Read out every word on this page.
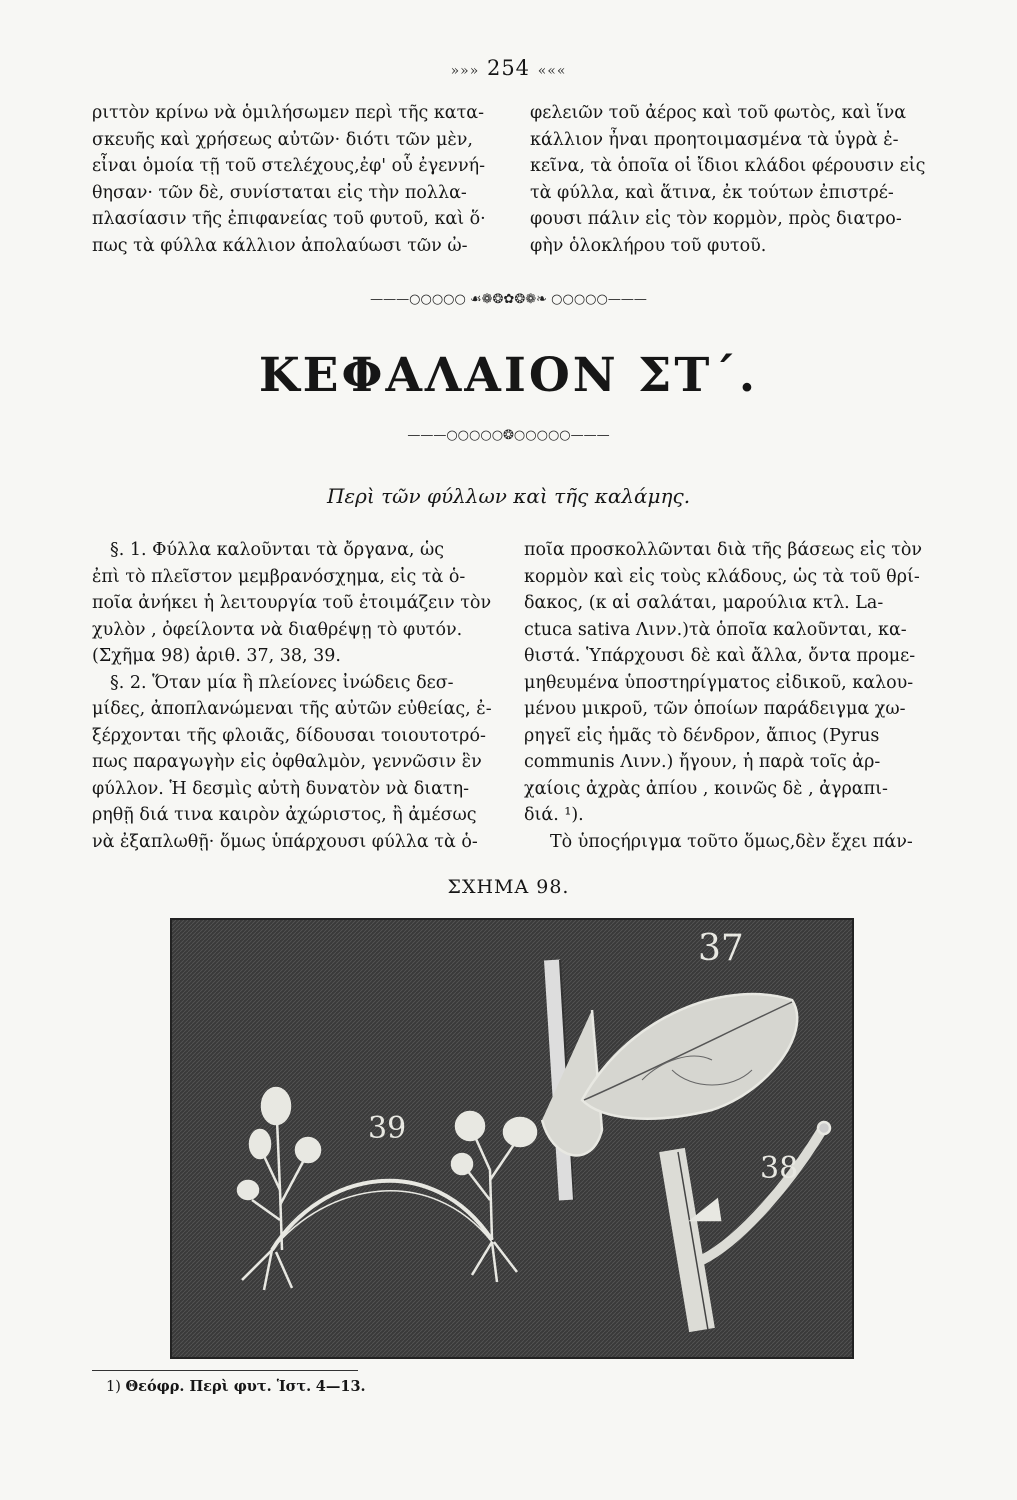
»»» 254 «««
ριττὸν κρίνω νὰ ὁμιλήσωμεν περὶ τῆς κατα-
σκευῆς καὶ χρήσεως αὐτῶν· διότι τῶν μὲν,
εἶναι ὁμοία τῇ τοῦ στελέχους,ἐφ' οὗ ἐγεννή-
θησαν· τῶν δὲ, συνίσταται εἰς τὴν πολλα-
πλασίασιν τῆς ἐπιφανείας τοῦ φυτοῦ, καὶ ὅ·
πως τὰ φύλλα κάλλιον ἀπολαύωσι τῶν ὠ-
φελειῶν τοῦ ἀέρος καὶ τοῦ φωτὸς, καὶ ἵνα
κάλλιον ἦναι προητοιμασμένα τὰ ὑγρὰ ἐ-
κεῖνα, τὰ ὁποῖα οἱ ἴδιοι κλάδοι φέρουσιν εἰς
τὰ φύλλα, καὶ ἅτινα, ἐκ τούτων ἐπιστρέ-
φουσι πάλιν εἰς τὸν κορμὸν, πρὸς διατρο-
φὴν ὁλοκλήρου τοῦ φυτοῦ.
———○○○○○ ☙❁❂✿❂❁❧ ○○○○○———
ΚΕΦΑΛΑΙΟΝ ΣΤ΄.
———○○○○○❂○○○○○———
Περὶ τῶν φύλλων καὶ τῆς καλάμης.
§. 1. Φύλλα καλοῦνται τὰ ὄργανα, ὡς
ἐπὶ τὸ πλεῖστον μεμβρανόσχημα, εἰς τὰ ὁ-
ποῖα ἀνήκει ἡ λειτουργία τοῦ ἑτοιμάζειν τὸν
χυλὸν , ὀφείλοντα νὰ διαθρέψῃ τὸ φυτόν.
(Σχῆμα 98) ἀριθ. 37, 38, 39.
§. 2. Ὅταν μία ἢ πλείονες ἰνώδεις δεσ-
μίδες, ἀποπλανώμεναι τῆς αὐτῶν εὐθείας, ἐ-
ξέρχονται τῆς φλοιᾶς, δίδουσαι τοιουτοτρό-
πως παραγωγὴν εἰς ὀφθαλμὸν, γεννῶσιν ἓν
φύλλον. Ἡ δεσμὶς αὐτὴ δυνατὸν νὰ διατη-
ρηθῇ διά τινα καιρὸν ἀχώριστος, ἢ ἀμέσως
νὰ ἐξαπλωθῇ· ὅμως ὑπάρχουσι φύλλα τὰ ὁ-
ποῖα προσκολλῶνται διὰ τῆς βάσεως εἰς τὸν
κορμὸν καὶ εἰς τοὺς κλάδους, ὡς τὰ τοῦ θρί-
δακος, (κ αἱ σαλάται, μαρούλια κτλ. La-
ctuca sativa Λινν.)τὰ ὁποῖα καλοῦνται, κα-
θιστά. Ὑπάρχουσι δὲ καὶ ἄλλα, ὄντα προμε-
μηθευμένα ὑποστηρίγματος εἰδικοῦ, καλου-
μένου μικροῦ, τῶν ὁποίων παράδειγμα χω-
ρηγεῖ εἰς ἡμᾶς τὸ δένδρον, ἄπιος (Pyrus
communis Λινν.) ἤγουν, ἡ παρὰ τοῖς ἀρ-
χαίοις ἀχρὰς ἀπίου , κοινῶς δὲ , ἀγραπι-
διά. ¹).
Τὸ ὑποςήριγμα τοῦτο ὅμως,δὲν ἔχει πάν-
ΣΧΗΜΑ 98.
39
37
38
1) Θεόφρ. Περὶ φυτ. Ἱστ. 4—13.
